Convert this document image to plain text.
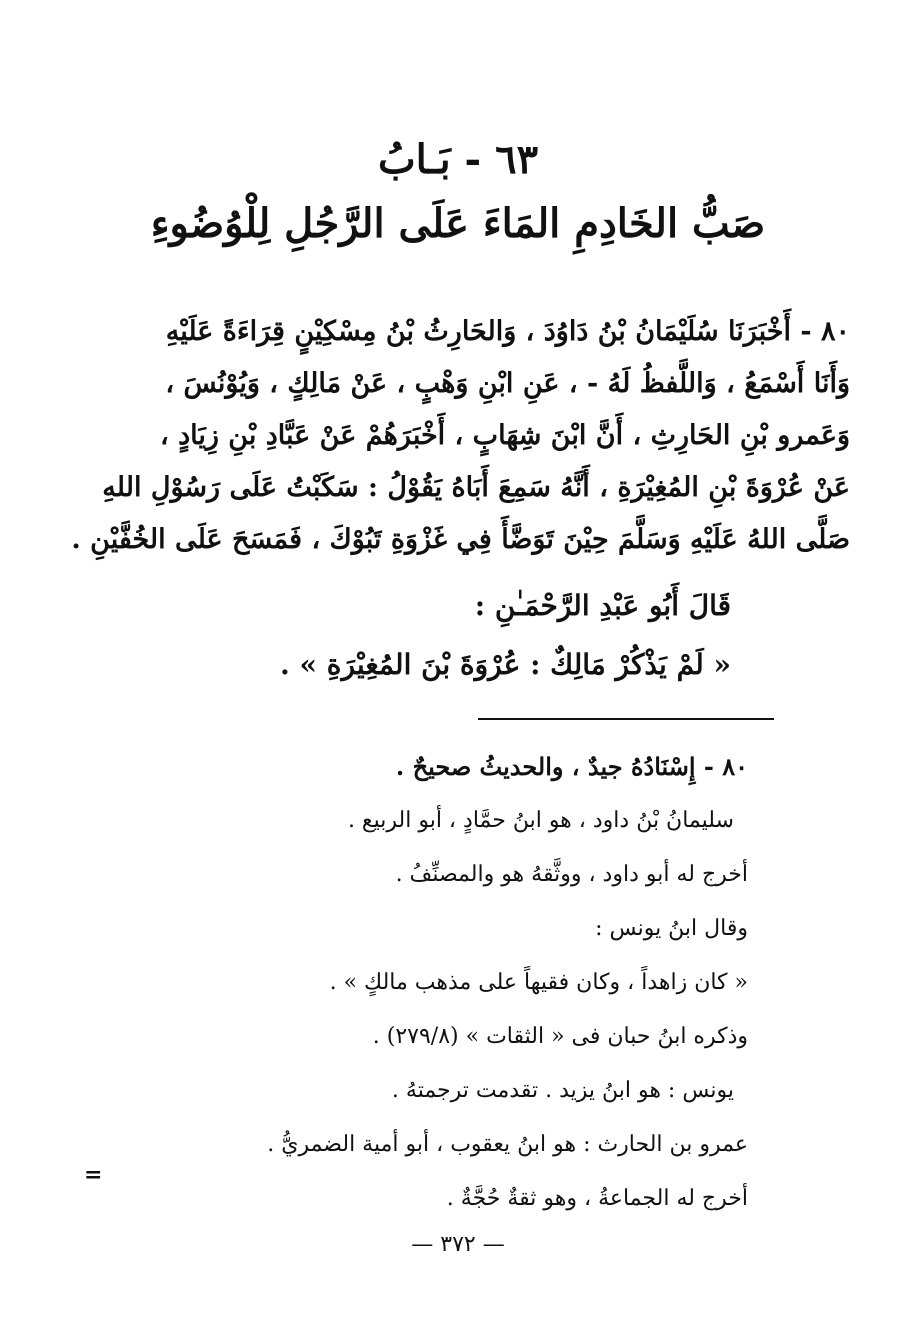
٦٣ - بَـابُ
صَبُّ الخَادِمِ المَاءَ عَلَى الرَّجُلِ لِلْوُضُوءِ
٨٠ - أَخْبَرَنَا سُلَيْمَانُ بْنُ دَاوُدَ ، وَالحَارِثُ بْنُ مِسْكِيْنٍ قِرَاءَةً عَلَيْهِ
وَأَنَا أَسْمَعُ ، وَاللَّفظُ لَهُ - ، عَنِ ابْنِ وَهْبٍ ، عَنْ مَالِكٍ ، وَيُوْنُسَ ،
وَعَمرو بْنِ الحَارِثِ ، أَنَّ ابْنَ شِهَابٍ ، أَخْبَرَهُمْ عَنْ عَبَّادِ بْنِ زِيَادٍ ،
عَنْ عُرْوَةَ بْنِ المُغِيْرَةِ ، أَنَّهُ سَمِعَ أَبَاهُ يَقُوْلُ : سَكَبْتُ عَلَى رَسُوْلِ اللهِ
صَلَّى اللهُ عَلَيْهِ وَسَلَّمَ حِيْنَ تَوَضَّأَ فِي غَزْوَةِ تَبُوْكَ ، فَمَسَحَ عَلَى الخُفَّيْنِ .
قَالَ أَبُو عَبْدِ الرَّحْمَـٰنِ :
« لَمْ يَذْكُرْ مَالِكٌ : عُرْوَةَ بْنَ المُغِيْرَةِ » .
٨٠ - إِسْنَادُهُ جيدٌ ، والحديثُ صحيحٌ .
سليمانُ بْنُ داود ، هو ابنُ حمَّادٍ ، أبو الربيع .
أخرج له أبو داود ، ووثَّقهُ هو والمصنِّفُ .
وقال ابنُ يونس :
« كان زاهداً ، وكان فقيهاً على مذهب مالكٍ » .
وذكره ابنُ حبان فى « الثقات » (٢٧٩/٨) .
يونس : هو ابنُ يزيد . تقدمت ترجمتهُ .
عمرو بن الحارث : هو ابنُ يعقوب ، أبو أمية الضمريُّ .
أخرج له الجماعةُ ، وهو ثقةٌ حُجَّةٌ .
=
— ٣٧٢ —
